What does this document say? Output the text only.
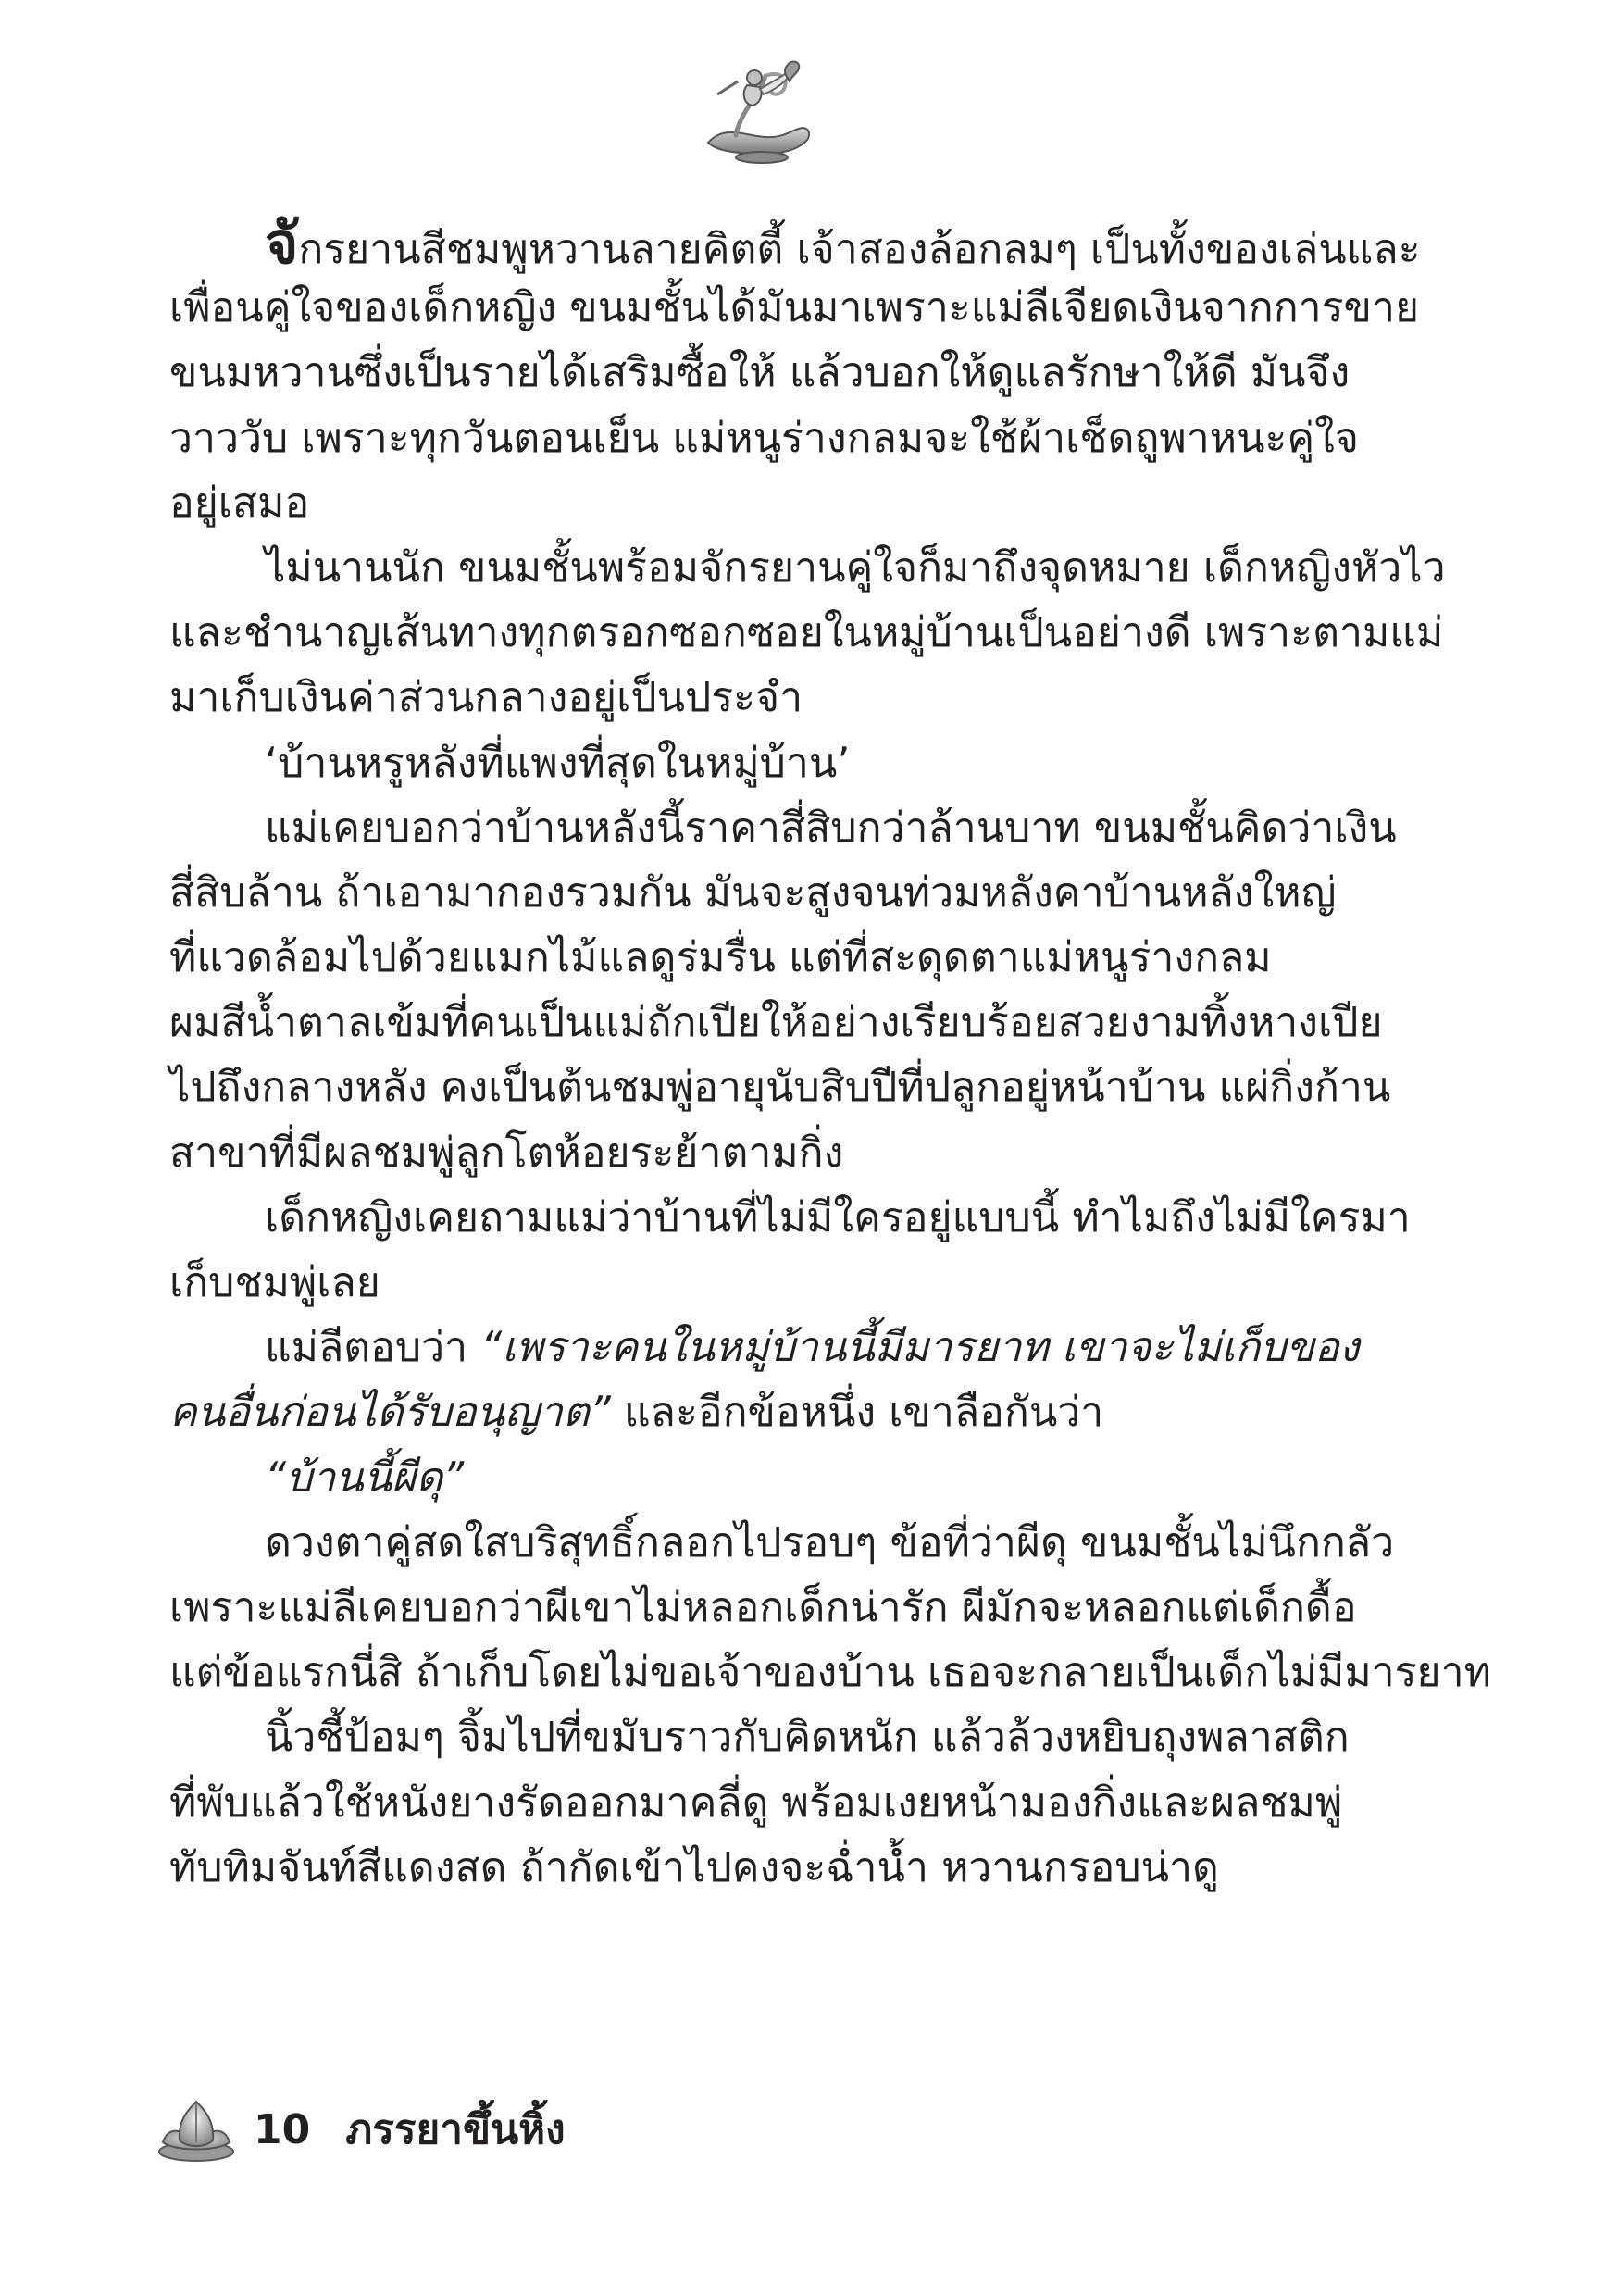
จักรยานสีชมพูหวานลายคิตตี้ เจ้าสองล้อกลมๆ เป็นทั้งของเล่นและ
เพื่อนคู่ใจของเด็กหญิง ขนมชั้นได้มันมาเพราะแม่ลีเจียดเงินจากการขาย
ขนมหวานซึ่งเป็นรายได้เสริมซื้อให้ แล้วบอกให้ดูแลรักษาให้ดี มันจึง
วาววับ เพราะทุกวันตอนเย็น แม่หนูร่างกลมจะใช้ผ้าเช็ดถูพาหนะคู่ใจ
อยู่เสมอ
ไม่นานนัก ขนมชั้นพร้อมจักรยานคู่ใจก็มาถึงจุดหมาย เด็กหญิงหัวไว
และชำนาญเส้นทางทุกตรอกซอกซอยในหมู่บ้านเป็นอย่างดี เพราะตามแม่
มาเก็บเงินค่าส่วนกลางอยู่เป็นประจำ
‘บ้านหรูหลังที่แพงที่สุดในหมู่บ้าน’
แม่เคยบอกว่าบ้านหลังนี้ราคาสี่สิบกว่าล้านบาท ขนมชั้นคิดว่าเงิน
สี่สิบล้าน ถ้าเอามากองรวมกัน มันจะสูงจนท่วมหลังคาบ้านหลังใหญ่
ที่แวดล้อมไปด้วยแมกไม้แลดูร่มรื่น แต่ที่สะดุดตาแม่หนูร่างกลม
ผมสีน้ำตาลเข้มที่คนเป็นแม่ถักเปียให้อย่างเรียบร้อยสวยงามทิ้งหางเปีย
ไปถึงกลางหลัง คงเป็นต้นชมพู่อายุนับสิบปีที่ปลูกอยู่หน้าบ้าน แผ่กิ่งก้าน
สาขาที่มีผลชมพู่ลูกโตห้อยระย้าตามกิ่ง
เด็กหญิงเคยถามแม่ว่าบ้านที่ไม่มีใครอยู่แบบนี้ ทำไมถึงไม่มีใครมา
เก็บชมพู่เลย
แม่ลีตอบว่า “เพราะคนในหมู่บ้านนี้มีมารยาท เขาจะไม่เก็บของ
คนอื่นก่อนได้รับอนุญาต” และอีกข้อหนึ่ง เขาลือกันว่า
“บ้านนี้ผีดุ”
ดวงตาคู่สดใสบริสุทธิ์กลอกไปรอบๆ ข้อที่ว่าผีดุ ขนมชั้นไม่นึกกลัว
เพราะแม่ลีเคยบอกว่าผีเขาไม่หลอกเด็กน่ารัก ผีมักจะหลอกแต่เด็กดื้อ
แต่ข้อแรกนี่สิ ถ้าเก็บโดยไม่ขอเจ้าของบ้าน เธอจะกลายเป็นเด็กไม่มีมารยาท
นิ้วชี้ป้อมๆ จิ้มไปที่ขมับราวกับคิดหนัก แล้วล้วงหยิบถุงพลาสติก
ที่พับแล้วใช้หนังยางรัดออกมาคลี่ดู พร้อมเงยหน้ามองกิ่งและผลชมพู่
ทับทิมจันท์สีแดงสด ถ้ากัดเข้าไปคงจะฉ่ำน้ำ หวานกรอบน่าดู
10 ภรรยาขึ้นหิ้ง
